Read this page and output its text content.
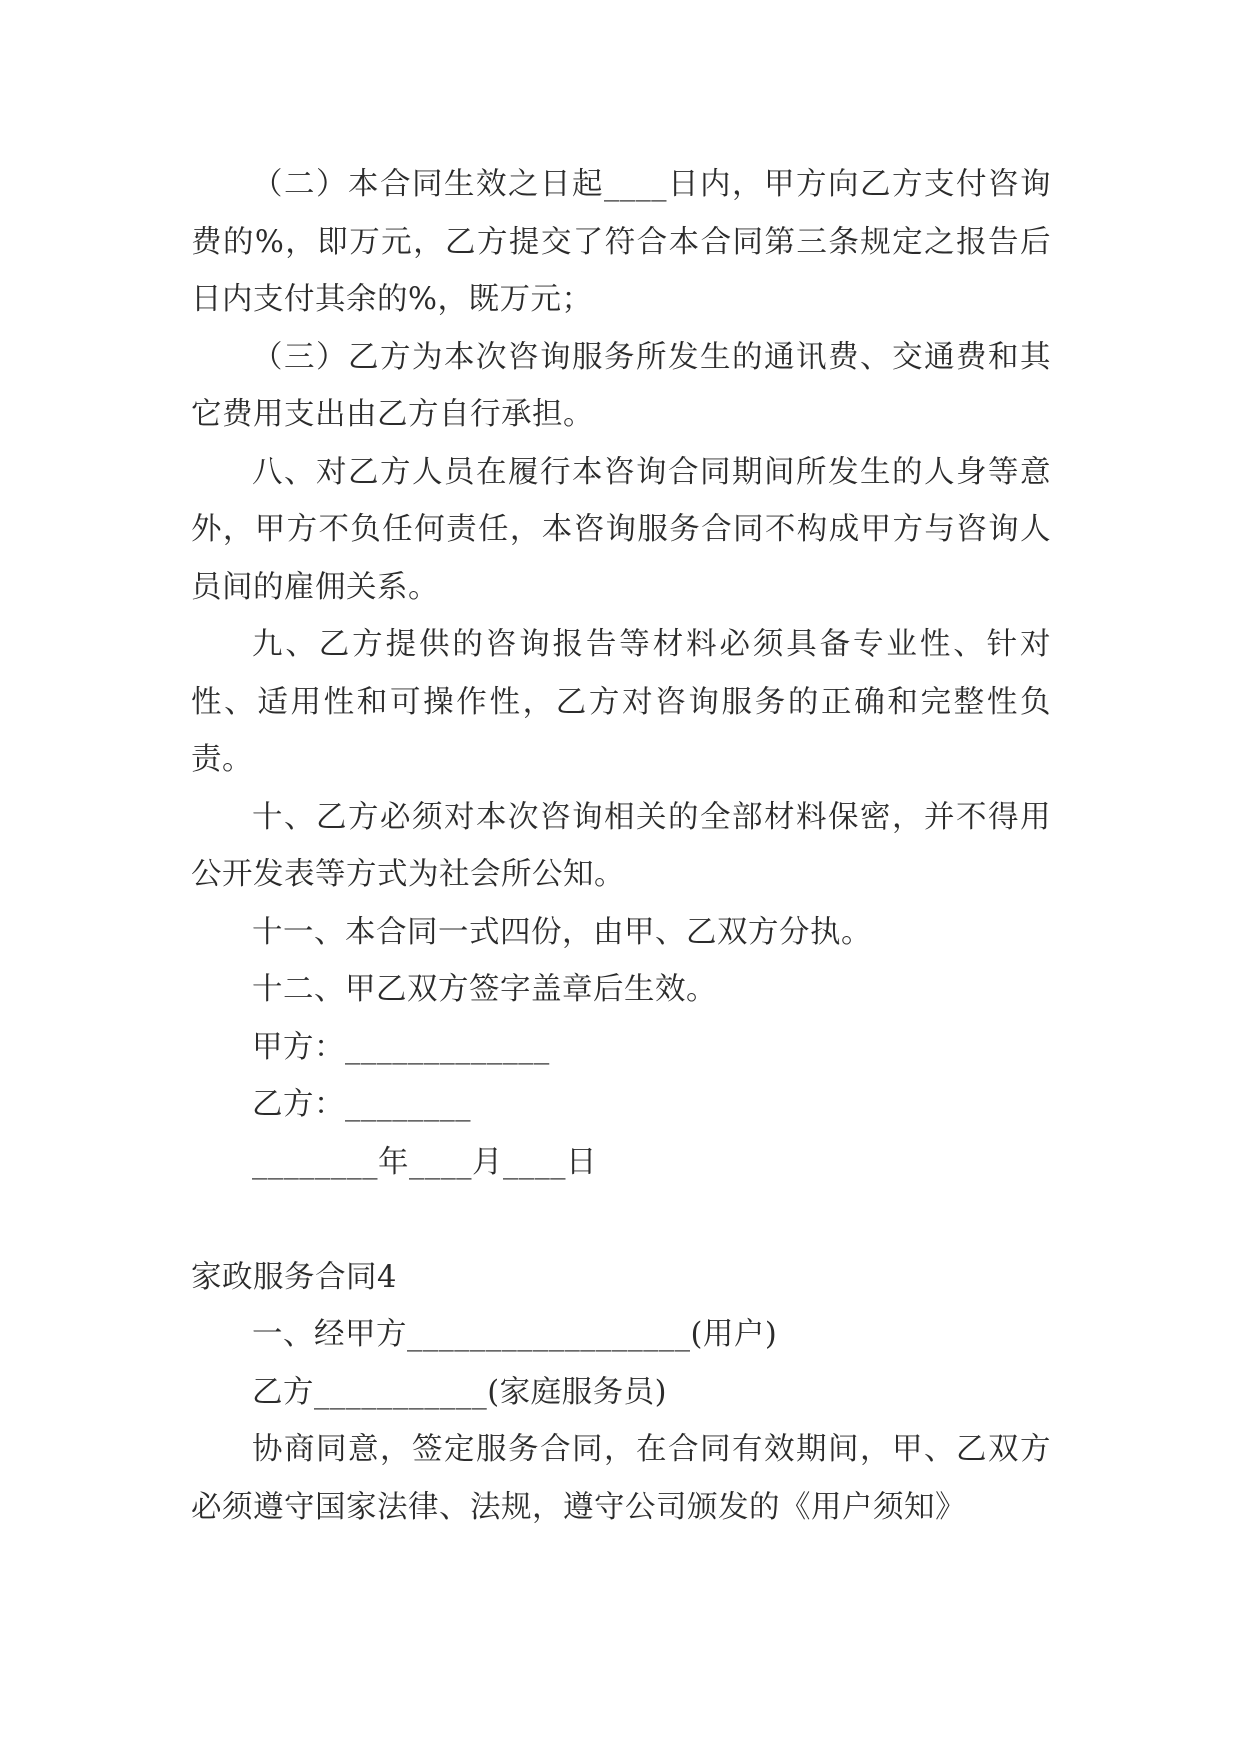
（二）本合同生效之日起____日内，甲方向乙方支付咨询费的%，即万元，乙方提交了符合本合同第三条规定之报告后日内支付其余的%，既万元；

（三）乙方为本次咨询服务所发生的通讯费、交通费和其它费用支出由乙方自行承担。

八、对乙方人员在履行本咨询合同期间所发生的人身等意外，甲方不负任何责任，本咨询服务合同不构成甲方与咨询人员间的雇佣关系。

九、乙方提供的咨询报告等材料必须具备专业性、针对性、适用性和可操作性，乙方对咨询服务的正确和完整性负责。

十、乙方必须对本次咨询相关的全部材料保密，并不得用公开发表等方式为社会所公知。

十一、本合同一式四份，由甲、乙双方分执。

十二、甲乙双方签字盖章后生效。

甲方：_____________

乙方：________

________年____月____日

家政服务合同4

一、经甲方__________________(用户)

乙方___________(家庭服务员)

协商同意，签定服务合同，在合同有效期间，甲、乙双方必须遵守国家法律、法规，遵守公司颁发的《用户须知》
